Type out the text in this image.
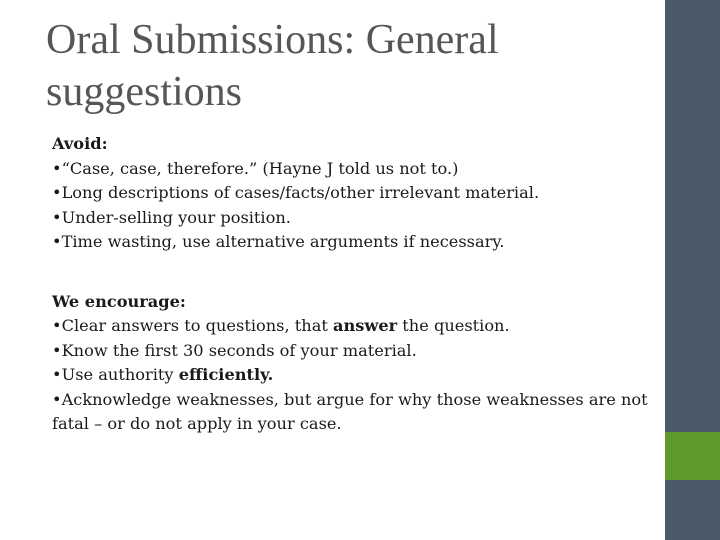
Oral Submissions: General suggestions

Avoid:

•“Case, case, therefore.” (Hayne J told us not to.)

•Long descriptions of cases/facts/other irrelevant material.

•Under-selling your position.

•Time wasting, use alternative arguments if necessary.

We encourage:

•Clear answers to questions, that answer the question.

•Know the first 30 seconds of your material.

•Use authority efficiently.

•Acknowledge weaknesses, but argue for why those weaknesses are not fatal – or do not apply in your case.
